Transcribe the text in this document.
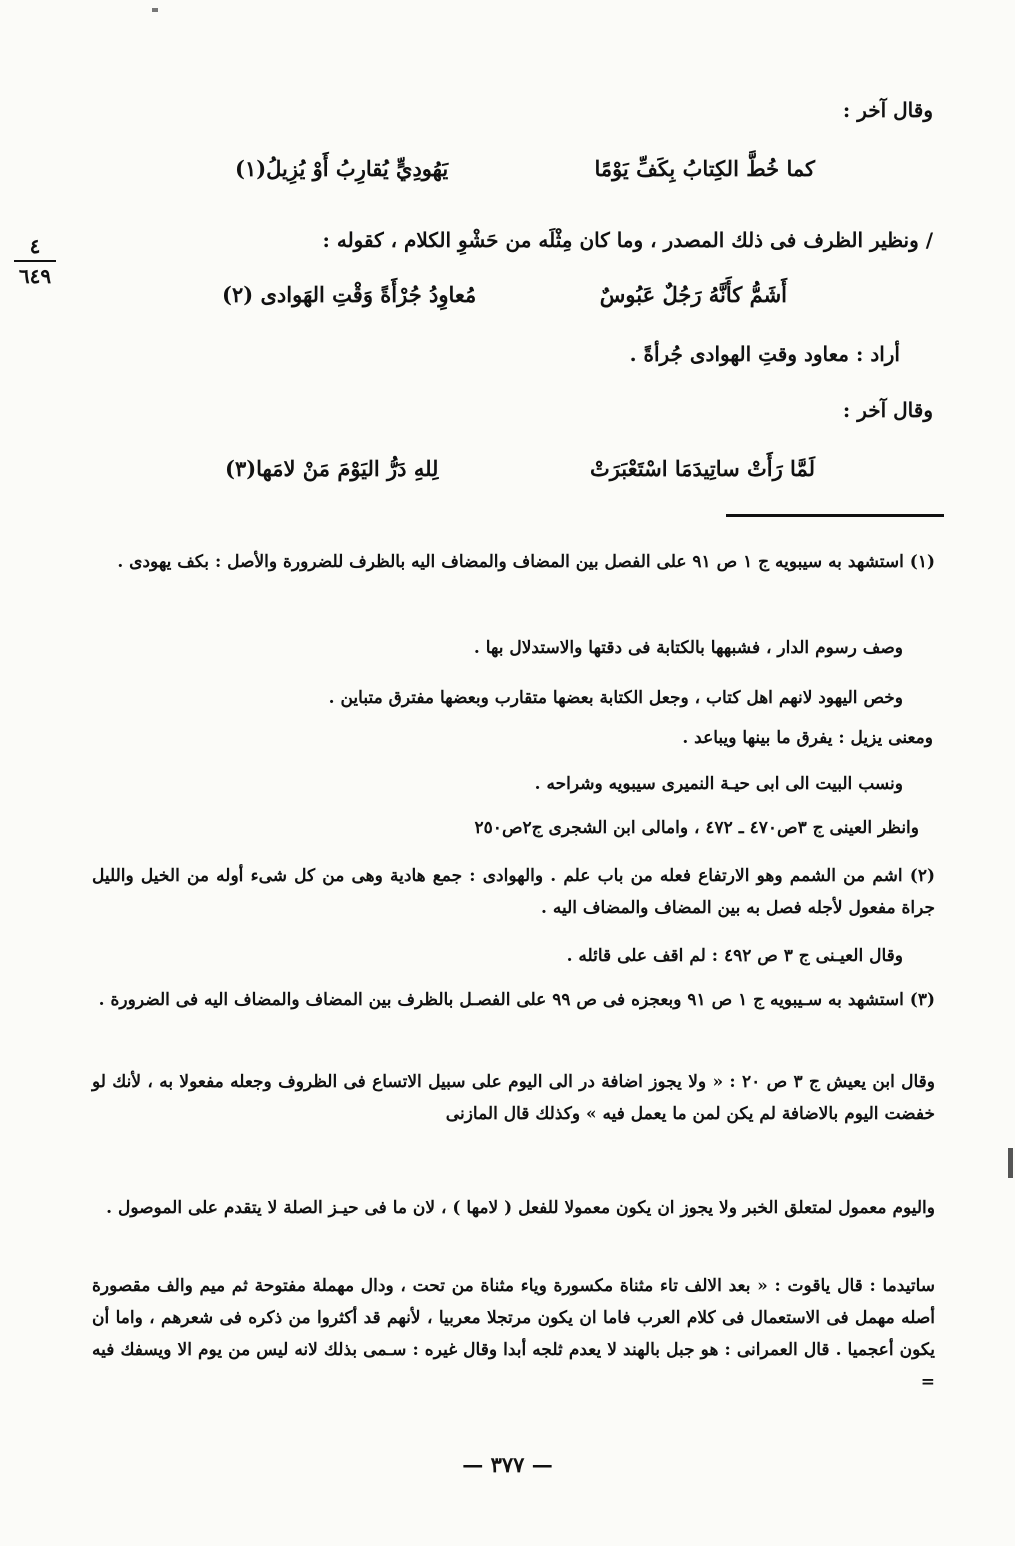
٤
٦٤٩
وقال آخر :
كما خُطَّ الكِتابُ بِكَفِّ يَوْمًا
يَهُودِيٍّ يُقارِبُ أَوْ يُزِيلُ(١)
/ ونظير الظرف فى ذلك المصدر ، وما كان مِثْلَه من حَشْوِ الكلام ، كقوله :
أَشَمُّ كأَنَّهُ رَجُلٌ عَبُوسٌ
مُعاوِدُ جُرْأَةً وَقْتِ الهَوادى (٢)
أراد : معاود وقتِ الهوادى جُرأةً .
وقال آخر :
لَمَّا رَأَتْ ساتِيدَمَا اسْتَعْبَرَتْ
لِلهِ دَرُّ اليَوْمَ مَنْ لامَها(٣)
(١) استشهد به سيبويه ج ١ ص ٩١ على الفصل بين المضاف والمضاف اليه بالظرف للضرورة والأصل : بكف يهودى .
وصف رسوم الدار ، فشبهها بالكتابة فى دقتها والاستدلال بها .
وخص اليهود لانهم اهل كتاب ، وجعل الكتابة بعضها متقارب وبعضها مفترق متباين .
ومعنى يزيل : يفرق ما بينها ويباعد .
ونسب البيت الى ابى حيـة النميرى سيبويه وشراحه .
وانظر العينى ج ٣ص٤٧٠ ـ ٤٧٢ ، وامالى ابن الشجرى ج٢ص٢٥٠
(٢) اشم من الشمم وهو الارتفاع فعله من باب علم . والهوادى : جمع هادية وهى من كل شىء أوله من الخيل والليل جراة مفعول لأجله فصل به بين المضاف والمضاف اليه .
وقال العيـنى ج ٣ ص ٤٩٢ : لم اقف على قائله .
(٣) استشهد به سـيبويه ج ١ ص ٩١ وبعجزه فى ص ٩٩ على الفصـل بالظرف بين المضاف والمضاف اليه فى الضرورة .
وقال ابن يعيش ج ٣ ص ٢٠ : « ولا يجوز اضافة در الى اليوم على سبيل الاتساع فى الظروف وجعله مفعولا به ، لأنك لو خفضت اليوم بالاضافة لم يكن لمن ما يعمل فيه » وكذلك قال المازنى
واليوم معمول لمتعلق الخبر ولا يجوز ان يكون معمولا للفعل ( لامها ) ، لان ما فى حيـز الصلة لا يتقدم على الموصول .
ساتيدما : قال ياقوت : « بعد الالف تاء مثناة مكسورة وياء مثناة من تحت ، ودال مهملة مفتوحة ثم ميم والف مقصورة أصله مهمل فى الاستعمال فى كلام العرب فاما ان يكون مرتجلا معربيا ، لأنهم قد أكثروا من ذكره فى شعرهم ، واما أن يكون أعجميا . قال العمرانى : هو جبل بالهند لا يعدم ثلجه أبدا وقال غيره : سـمى بذلك لانه ليس من يوم الا ويسفك فيه =
— ٣٧٧ —
